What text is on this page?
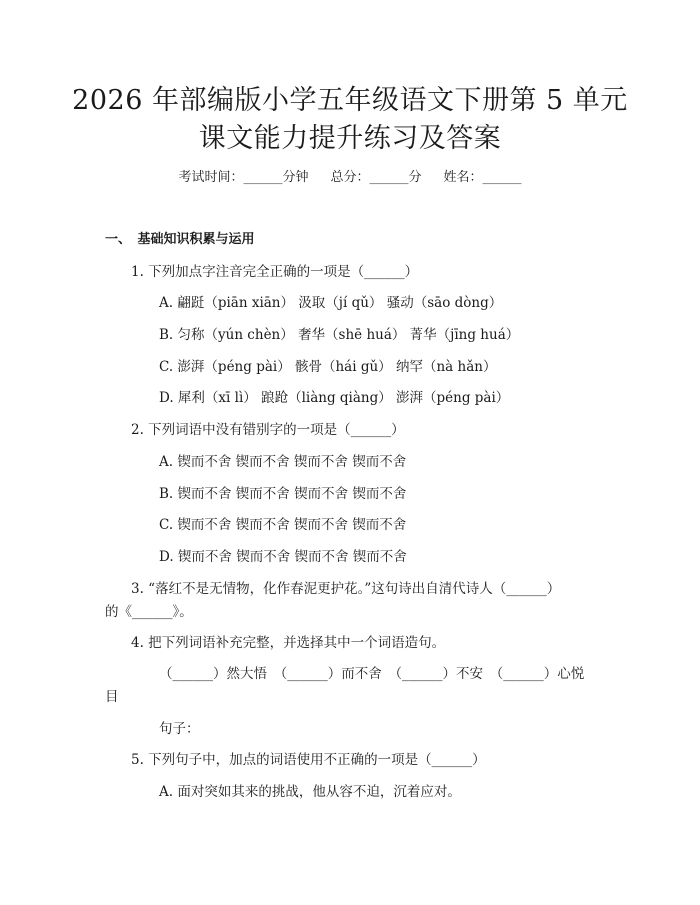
2026 年部编版小学五年级语文下册第 5 单元
课文能力提升练习及答案
考试时间：______分钟 总分：______分 姓名：______
一、　基础知识积累与运用
1. 下列加点字注音完全正确的一项是（______）
A. 翩跹（piān xiān） 汲取（jí qǔ） 骚动（sāo dòng）
B. 匀称（yún chèn） 奢华（shē huá） 菁华（jīng huá）
C. 澎湃（péng pài） 骸骨（hái gǔ） 纳罕（nà hǎn）
D. 犀利（xī lì） 踉跄（liàng qiàng） 澎湃（péng pài）
2. 下列词语中没有错别字的一项是（______）
A. 锲而不舍 锲而不舍 锲而不舍 锲而不舍
B. 锲而不舍 锲而不舍 锲而不舍 锲而不舍
C. 锲而不舍 锲而不舍 锲而不舍 锲而不舍
D. 锲而不舍 锲而不舍 锲而不舍 锲而不舍
3. “落红不是无情物，化作春泥更护花。”这句诗出自清代诗人（______）
的《______》。
4. 把下列词语补充完整，并选择其中一个词语造句。
（______）然大悟　（______）而不舍　（______）不安　（______）心悦
目
句子：
5. 下列句子中，加点的词语使用不正确的一项是（______）
A. 面对突如其来的挑战，他从容不迫，沉着应对。
